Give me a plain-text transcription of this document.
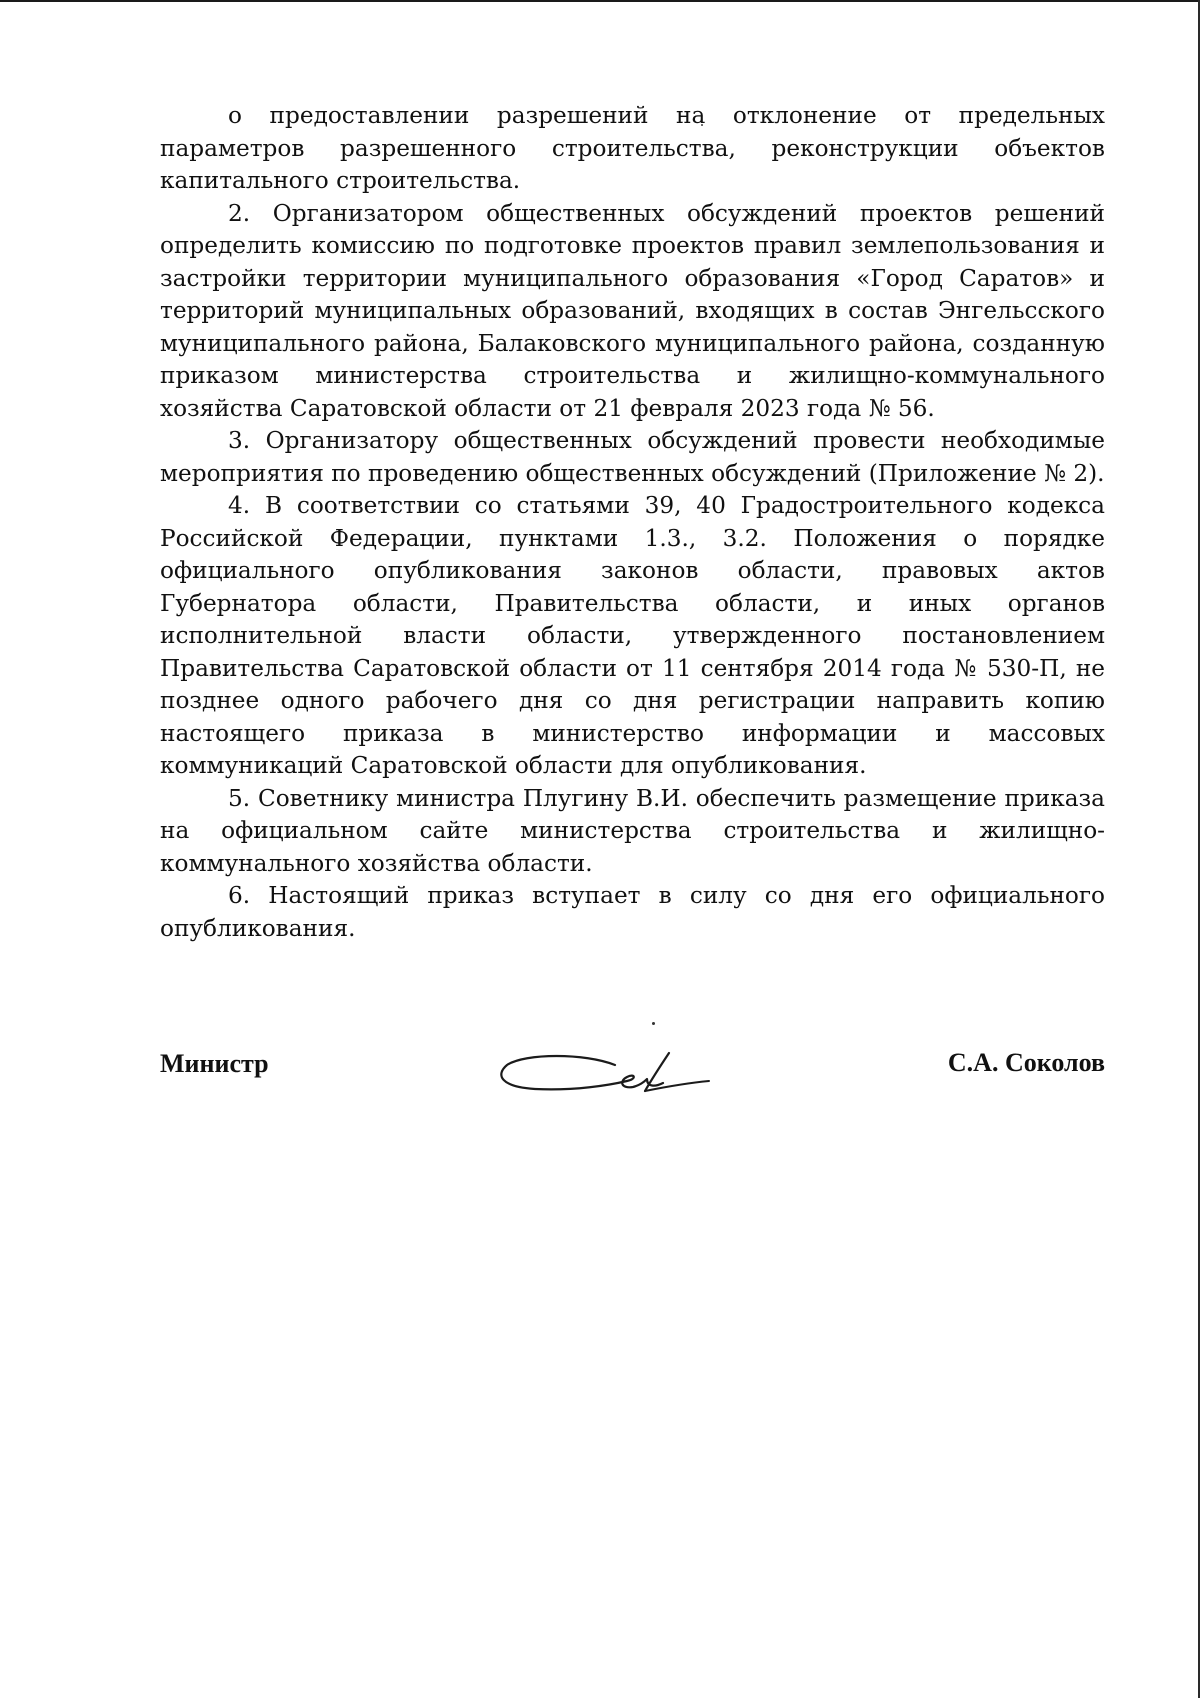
о предоставлении разрешений на отклонение от предельных параметров разрешенного строительства, реконструкции объектов капитального строительства.

2. Организатором общественных обсуждений проектов решений определить комиссию по подготовке проектов правил землепользования и застройки территории муниципального образования «Город Саратов» и территорий муниципальных образований, входящих в состав Энгельсского муниципального района, Балаковского муниципального района, созданную приказом министерства строительства и жилищно-коммунального хозяйства Саратовской области от 21 февраля 2023 года № 56.

3. Организатору общественных обсуждений провести необходимые мероприятия по проведению общественных обсуждений (Приложение № 2).

4. В соответствии со статьями 39, 40 Градостроительного кодекса Российской Федерации, пунктами 1.3., 3.2. Положения о порядке официального опубликования законов области, правовых актов Губернатора области, Правительства области, и иных органов исполнительной власти области, утвержденного постановлением Правительства Саратовской области от 11 сентября 2014 года № 530-П, не позднее одного рабочего дня со дня регистрации направить копию настоящего приказа в министерство информации и массовых коммуникаций Саратовской области для опубликования.

5. Советнику министра Плугину В.И. обеспечить размещение приказа на официальном сайте министерства строительства и жилищно-коммунального хозяйства области.

6. Настоящий приказ вступает в силу со дня его официального опубликования.

Министр	С.А. Соколов
